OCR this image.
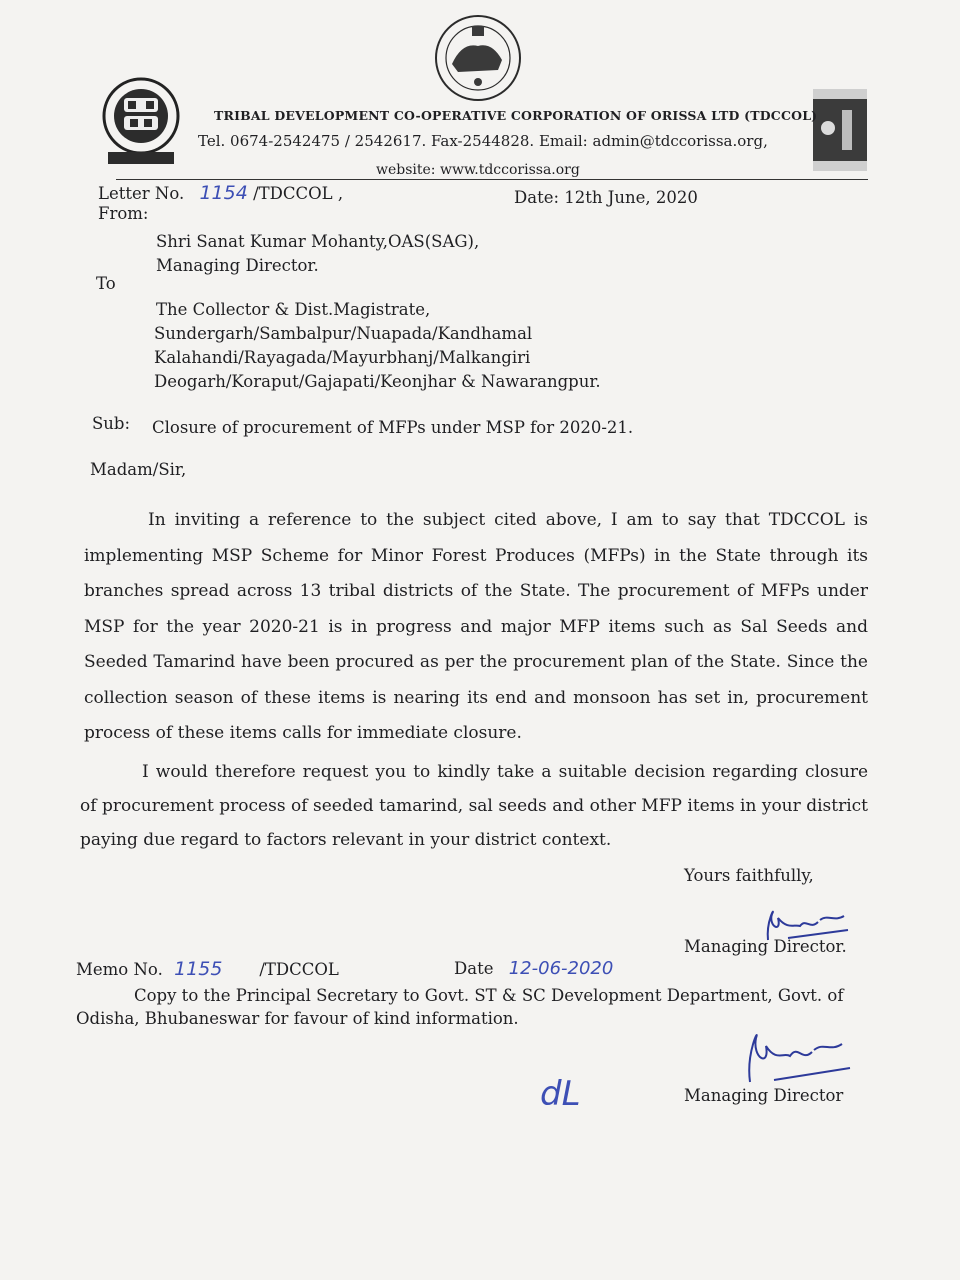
TRIBAL DEVELOPMENT CO-OPERATIVE CORPORATION OF ORISSA LTD (TDCCOL)
Tel. 0674-2542475 / 2542617. Fax-2544828. Email: admin@tdccorissa.org,
website: www.tdccorissa.org
Letter No. 1154 /TDCCOL ,	Date: 12th June, 2020
From:
Shri Sanat Kumar Mohanty,OAS(SAG),
Managing Director.
To
The Collector & Dist.Magistrate,
Sundergarh/Sambalpur/Nuapada/Kandhamal
Kalahandi/Rayagada/Mayurbhanj/Malkangiri
Deogarh/Koraput/Gajapati/Keonjhar & Nawarangpur.
Sub: Closure of procurement of MFPs under MSP for 2020-21.
Madam/Sir,
In inviting a reference to the subject cited above, I am to say that TDCCOL is implementing MSP Scheme for Minor Forest Produces (MFPs) in the State through its branches spread across 13 tribal districts of the State. The procurement of MFPs under MSP for the year 2020-21 is in progress and major MFP items such as Sal Seeds and Seeded Tamarind have been procured as per the procurement plan of the State. Since the collection season of these items is nearing its end and monsoon has set in, procurement process of these items calls for immediate closure.
I would therefore request you to kindly take a suitable decision regarding closure of procurement process of seeded tamarind, sal seeds and other MFP items in your district paying due regard to factors relevant in your district context.
Yours faithfully,
Managing Director.
Memo No. 1155 /TDCCOL	Date 12-06-2020
Copy to the Principal Secretary to Govt. ST & SC Development Department, Govt. of Odisha, Bhubaneswar for favour of kind information.
dL	Managing Director
